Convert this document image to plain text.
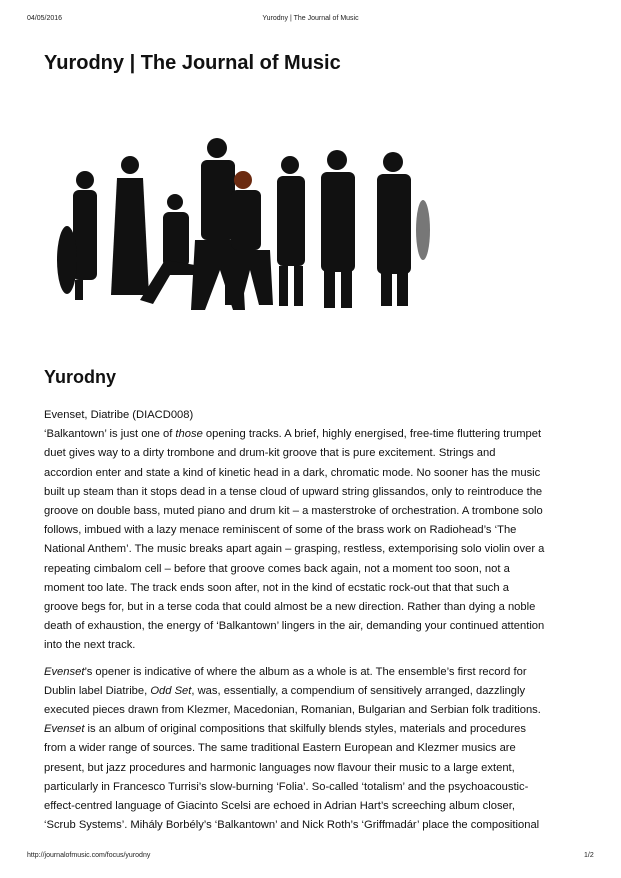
04/05/2016	Yurodny | The Journal of Music
Yurodny | The Journal of Music
Yurodny
Evenset, Diatribe (DIACD008)
‘Balkantown’ is just one of those opening tracks. A brief, highly energised, free-time fluttering trumpet
duet gives way to a dirty trombone and drum-kit groove that is pure excitement. Strings and
accordion enter and state a kind of kinetic head in a dark, chromatic mode. No sooner has the music
built up steam than it stops dead in a tense cloud of upward string glissandos, only to reintroduce the
groove on double bass, muted piano and drum kit – a masterstroke of orchestration. A trombone solo
follows, imbued with a lazy menace reminiscent of some of the brass work on Radiohead’s ‘The
National Anthem’. The music breaks apart again – grasping, restless, extemporising solo violin over a
repeating cimbalom cell – before that groove comes back again, not a moment too soon, not a
moment too late. The track ends soon after, not in the kind of ecstatic rock-out that that such a
groove begs for, but in a terse coda that could almost be a new direction. Rather than dying a noble
death of exhaustion, the energy of ‘Balkantown’ lingers in the air, demanding your continued attention
into the next track.
Evenset’s opener is indicative of where the album as a whole is at. The ensemble’s first record for
Dublin label Diatribe, Odd Set, was, essentially, a compendium of sensitively arranged, dazzlingly
executed pieces drawn from Klezmer, Macedonian, Romanian, Bulgarian and Serbian folk traditions.
Evenset is an album of original compositions that skilfully blends styles, materials and procedures
from a wider range of sources. The same traditional Eastern European and Klezmer musics are
present, but jazz procedures and harmonic languages now flavour their music to a large extent,
particularly in Francesco Turrisi’s slow-burning ‘Folia’. So-called ‘totalism’ and the psychoacoustic-
effect-centred language of Giacinto Scelsi are echoed in Adrian Hart’s screeching album closer,
‘Scrub Systems’. Mihály Borbély’s ‘Balkantown’ and Nick Roth’s ‘Griffmadár’ place the compositional
http://journalofmusic.com/focus/yurodny	1/2
